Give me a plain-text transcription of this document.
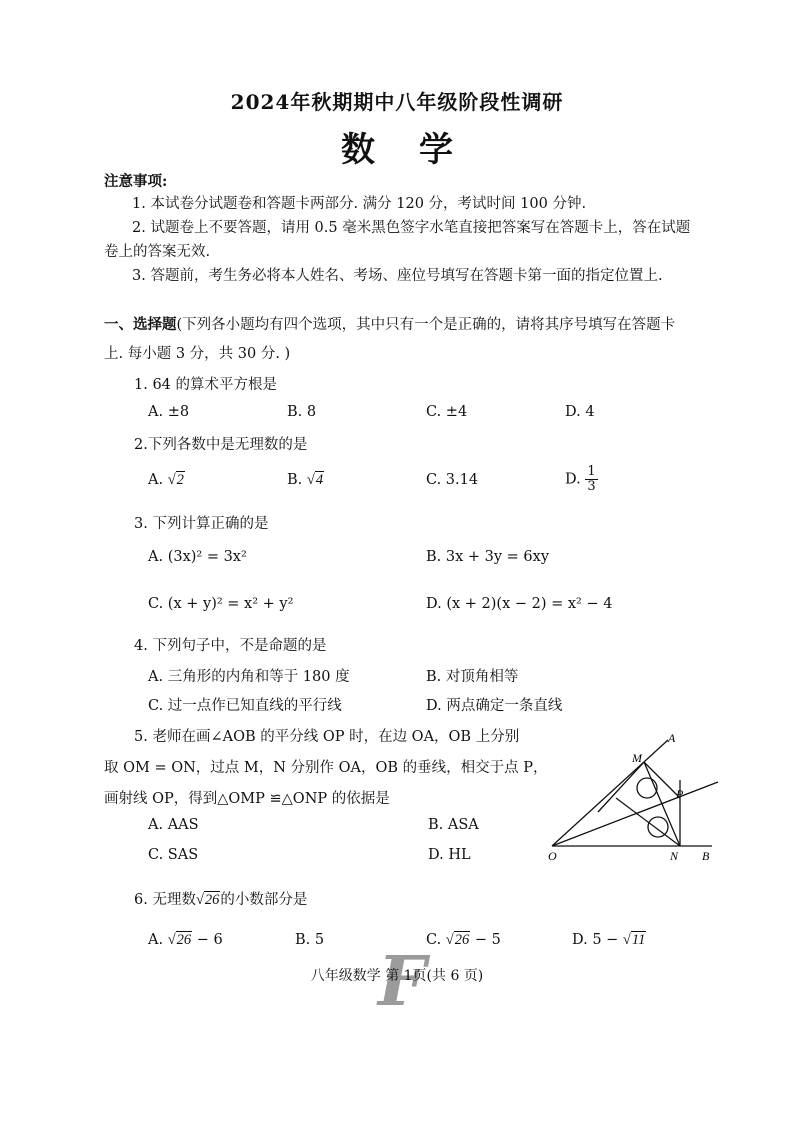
2024年秋期期中八年级阶段性调研
数学
注意事项:
1. 本试卷分试题卷和答题卡两部分. 满分 120 分，考试时间 100 分钟.
2. 试题卷上不要答题，请用 0.5 毫米黑色签字水笔直接把答案写在答题卡上，答在试题
卷上的答案无效.
3. 答题前，考生务必将本人姓名、考场、座位号填写在答题卡第一面的指定位置上.
一、选择题(下列各小题均有四个选项，其中只有一个是正确的，请将其序号填写在答题卡
上. 每小题 3 分，共 30 分. )
1. 64 的算术平方根是
A. ±8	B. 8	C. ±4	D. 4
2.下列各数中是无理数的是
A. √2	B. √4	C. 3.14	D. $\frac{1}{3}$
3. 下列计算正确的是
A. (3x)² = 3x²	B. 3x + 3y = 6xy
C. (x + y)² = x² + y²	D. (x + 2)(x − 2) = x² − 4
4. 下列句子中，不是命题的是
A. 三角形的内角和等于 180 度	B. 对顶角相等
C. 过一点作已知直线的平行线	D. 两点确定一条直线
5. 老师在画∠AOB 的平分线 OP 时，在边 OA，OB 上分别
取 OM = ON，过点 M，N 分别作 OA，OB 的垂线，相交于点 P，
画射线 OP，得到△OMP ≌△ONP 的依据是
A. AAS	B. ASA
C. SAS	D. HL
A
M
P
O	N B
6. 无理数√26的小数部分是
A. √26 − 6	B. 5	C. √26 − 5	D. 5 − √11
F
八年级数学 第 1页(共 6 页)
